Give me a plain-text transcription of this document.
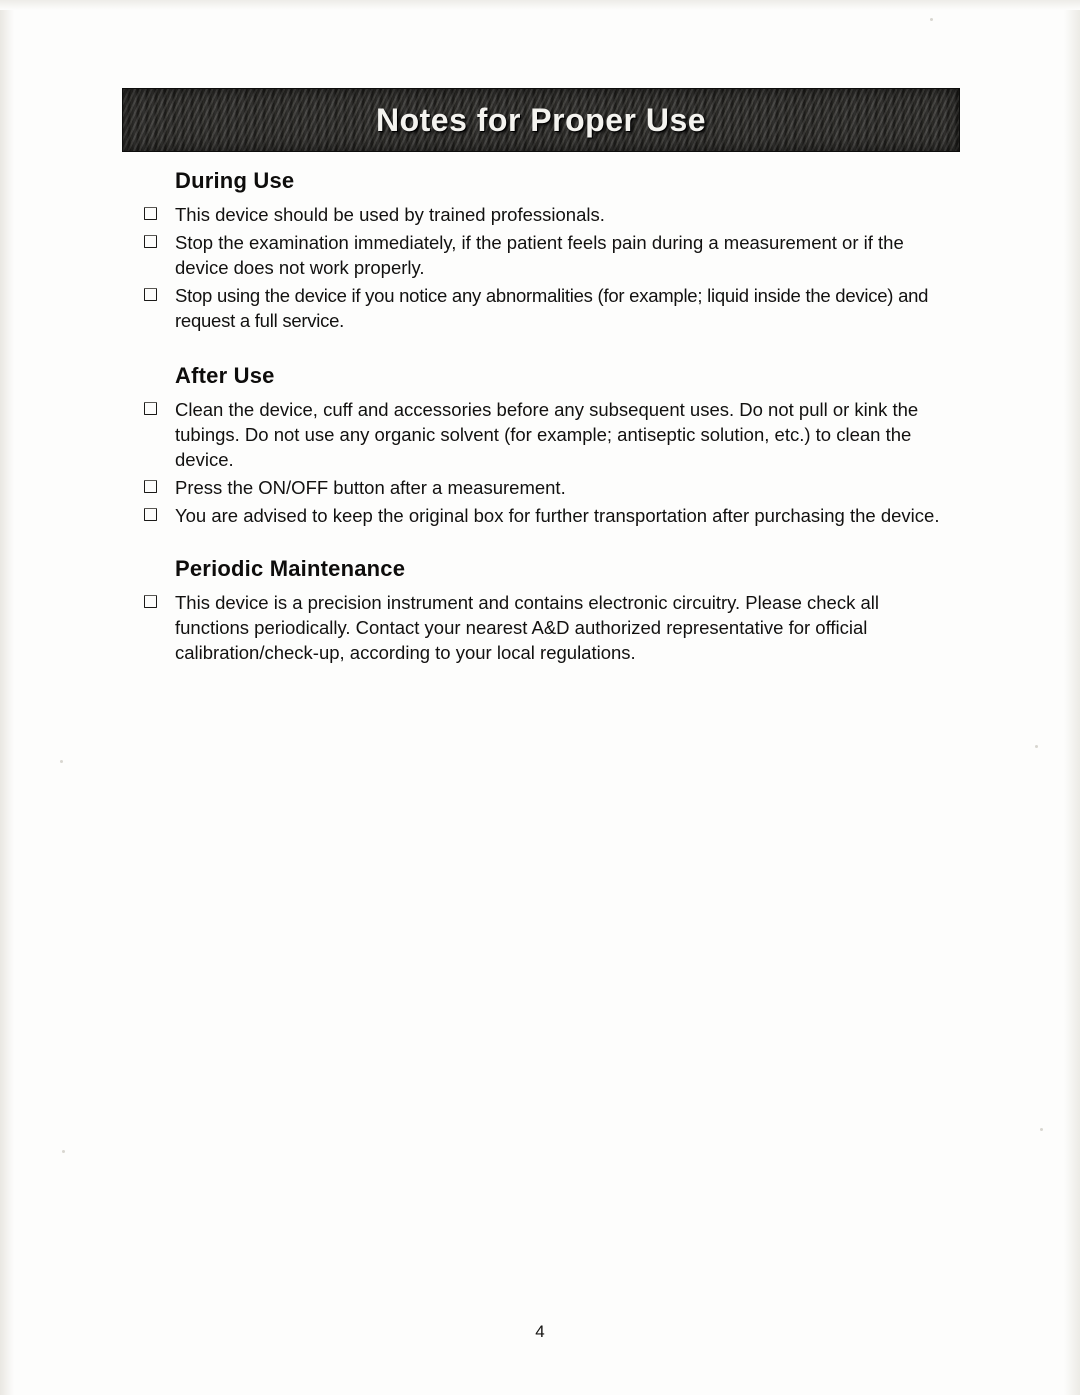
Notes for Proper Use
During Use
This device should be used by trained professionals.
Stop the examination immediately, if the patient feels pain during a measurement or if the device does not work properly.
Stop using the device if you notice any abnormalities (for example; liquid inside the device) and request a full service.
After Use
Clean the device, cuff and accessories before any subsequent uses. Do not pull or kink the tubings. Do not use any organic solvent (for example; antiseptic solution, etc.) to clean the device.
Press the ON/OFF button after a measurement.
You are advised to keep the original box for further transportation after purchasing the device.
Periodic Maintenance
This device is a precision instrument and contains electronic circuitry. Please check all functions periodically. Contact your nearest A&D authorized representative for official calibration/check-up, according to your local regulations.
4
